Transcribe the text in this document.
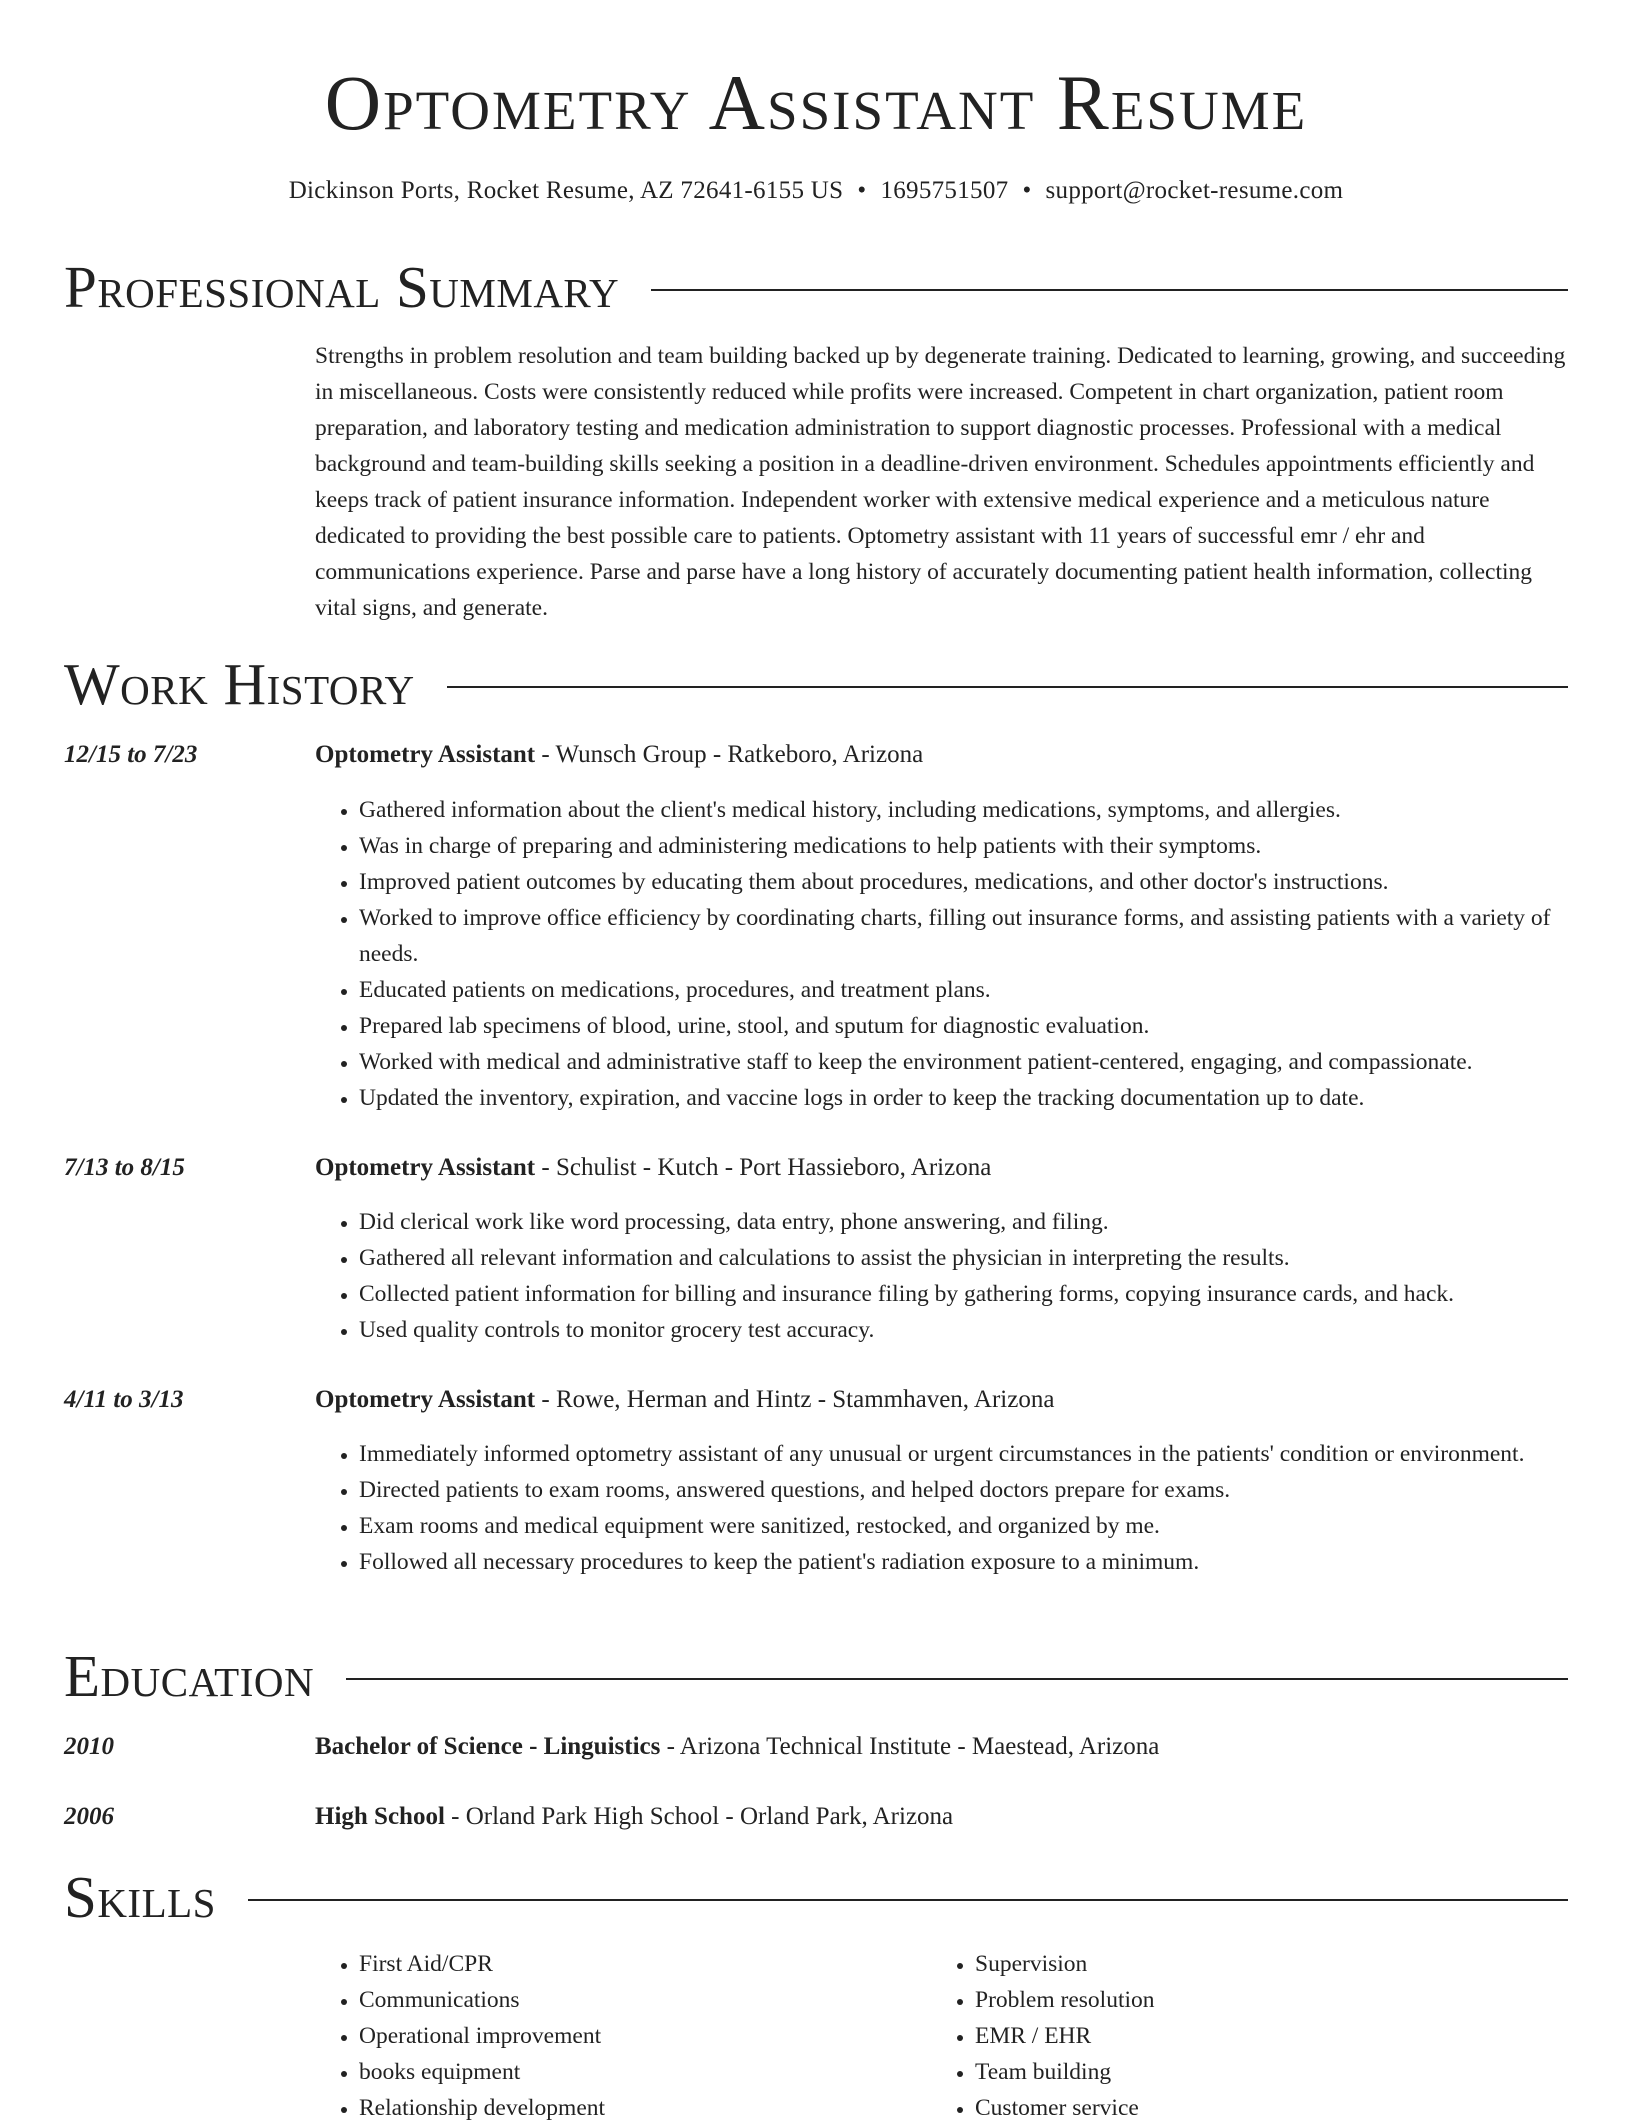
Optometry Assistant Resume
Dickinson Ports, Rocket Resume, AZ 72641-6155 US • 1695751507 • support@rocket-resume.com
Professional Summary

Strengths in problem resolution and team building backed up by degenerate training. Dedicated to learning, growing, and succeeding in miscellaneous. Costs were consistently reduced while profits were increased. Competent in chart organization, patient room preparation, and laboratory testing and medication administration to support diagnostic processes. Professional with a medical background and team-building skills seeking a position in a deadline-driven environment. Schedules appointments efficiently and keeps track of patient insurance information. Independent worker with extensive medical experience and a meticulous nature dedicated to providing the best possible care to patients. Optometry assistant with 11 years of successful emr / ehr and communications experience. Parse and parse have a long history of accurately documenting patient health information, collecting vital signs, and generate.

Work History
12/15 to 7/23	Optometry Assistant - Wunsch Group - Ratkeboro, Arizona
• Gathered information about the client's medical history, including medications, symptoms, and allergies.
• Was in charge of preparing and administering medications to help patients with their symptoms.
• Improved patient outcomes by educating them about procedures, medications, and other doctor's instructions.
• Worked to improve office efficiency by coordinating charts, filling out insurance forms, and assisting patients with a variety of needs.
• Educated patients on medications, procedures, and treatment plans.
• Prepared lab specimens of blood, urine, stool, and sputum for diagnostic evaluation.
• Worked with medical and administrative staff to keep the environment patient-centered, engaging, and compassionate.
• Updated the inventory, expiration, and vaccine logs in order to keep the tracking documentation up to date.
7/13 to 8/15	Optometry Assistant - Schulist - Kutch - Port Hassieboro, Arizona
• Did clerical work like word processing, data entry, phone answering, and filing.
• Gathered all relevant information and calculations to assist the physician in interpreting the results.
• Collected patient information for billing and insurance filing by gathering forms, copying insurance cards, and hack.
• Used quality controls to monitor grocery test accuracy.
4/11 to 3/13	Optometry Assistant - Rowe, Herman and Hintz - Stammhaven, Arizona
• Immediately informed optometry assistant of any unusual or urgent circumstances in the patients' condition or environment.
• Directed patients to exam rooms, answered questions, and helped doctors prepare for exams.
• Exam rooms and medical equipment were sanitized, restocked, and organized by me.
• Followed all necessary procedures to keep the patient's radiation exposure to a minimum.
Education
2010	Bachelor of Science - Linguistics - Arizona Technical Institute - Maestead, Arizona
2006	High School - Orland Park High School - Orland Park, Arizona
Skills
• First Aid/CPR
• Communications
• Operational improvement
• books equipment
• Relationship development
• Supervision
• Problem resolution
• EMR / EHR
• Team building
• Customer service
